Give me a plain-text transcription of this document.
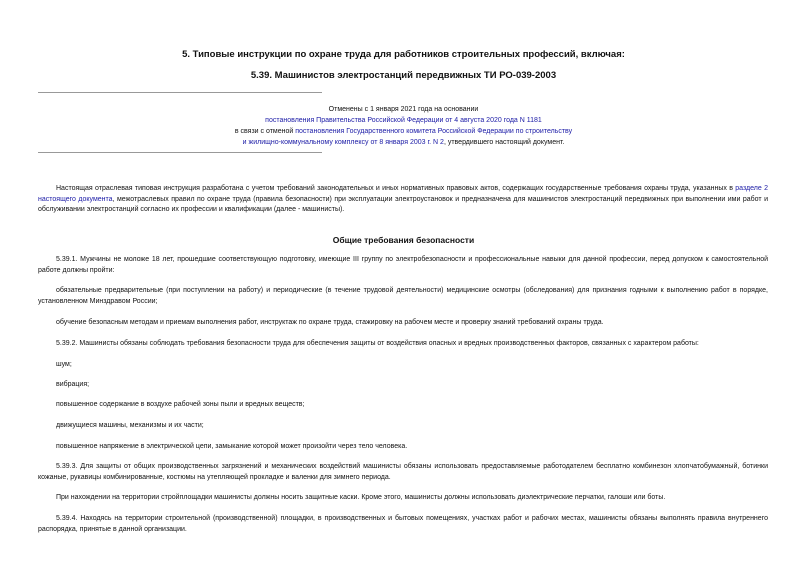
5. Типовые инструкции по охране труда для работников строительных профессий, включая:
5.39. Машинистов электростанций передвижных ТИ РО-039-2003
Отменены с 1 января 2021 года на основании
постановления Правительства Российской Федерации от 4 августа 2020 года N 1181
в связи с отменой постановления Государственного комитета Российской Федерации по строительству
и жилищно-коммунальному комплексу от 8 января 2003 г. N 2, утвердившего настоящий документ.

Настоящая отраслевая типовая инструкция разработана с учетом требований законодательных и иных нормативных правовых актов, содержащих государственные требования охраны труда, указанных в разделе 2 настоящего документа, межотраслевых правил по охране труда (правила безопасности) при эксплуатации электроустановок и предназначена для машинистов электростанций передвижных при выполнении ими работ и обслуживании электростанций согласно их профессии и квалификации (далее - машинисты).

Общие требования безопасности

5.39.1. Мужчины не моложе 18 лет, прошедшие соответствующую подготовку, имеющие III группу по электробезопасности и профессиональные навыки для данной профессии, перед допуском к самостоятельной работе должны пройти:

обязательные предварительные (при поступлении на работу) и периодические (в течение трудовой деятельности) медицинские осмотры (обследования) для признания годными к выполнению работ в порядке, установленном Минздравом России;

обучение безопасным методам и приемам выполнения работ, инструктаж по охране труда, стажировку на рабочем месте и проверку знаний требований охраны труда.

5.39.2. Машинисты обязаны соблюдать требования безопасности труда для обеспечения защиты от воздействия опасных и вредных производственных факторов, связанных с характером работы:

шум;

вибрация;

повышенное содержание в воздухе рабочей зоны пыли и вредных веществ;

движущиеся машины, механизмы и их части;

повышенное напряжение в электрической цепи, замыкание которой может произойти через тело человека.

5.39.3. Для защиты от общих производственных загрязнений и механических воздействий машинисты обязаны использовать предоставляемые работодателем бесплатно комбинезон хлопчатобумажный, ботинки кожаные, рукавицы комбинированные, костюмы на утепляющей прокладке и валенки для зимнего периода.

При нахождении на территории стройплощадки машинисты должны носить защитные каски. Кроме этого, машинисты должны использовать диэлектрические перчатки, галоши или боты.

5.39.4. Находясь на территории строительной (производственной) площадки, в производственных и бытовых помещениях, участках работ и рабочих местах, машинисты обязаны выполнять правила внутреннего распорядка, принятые в данной организации.
